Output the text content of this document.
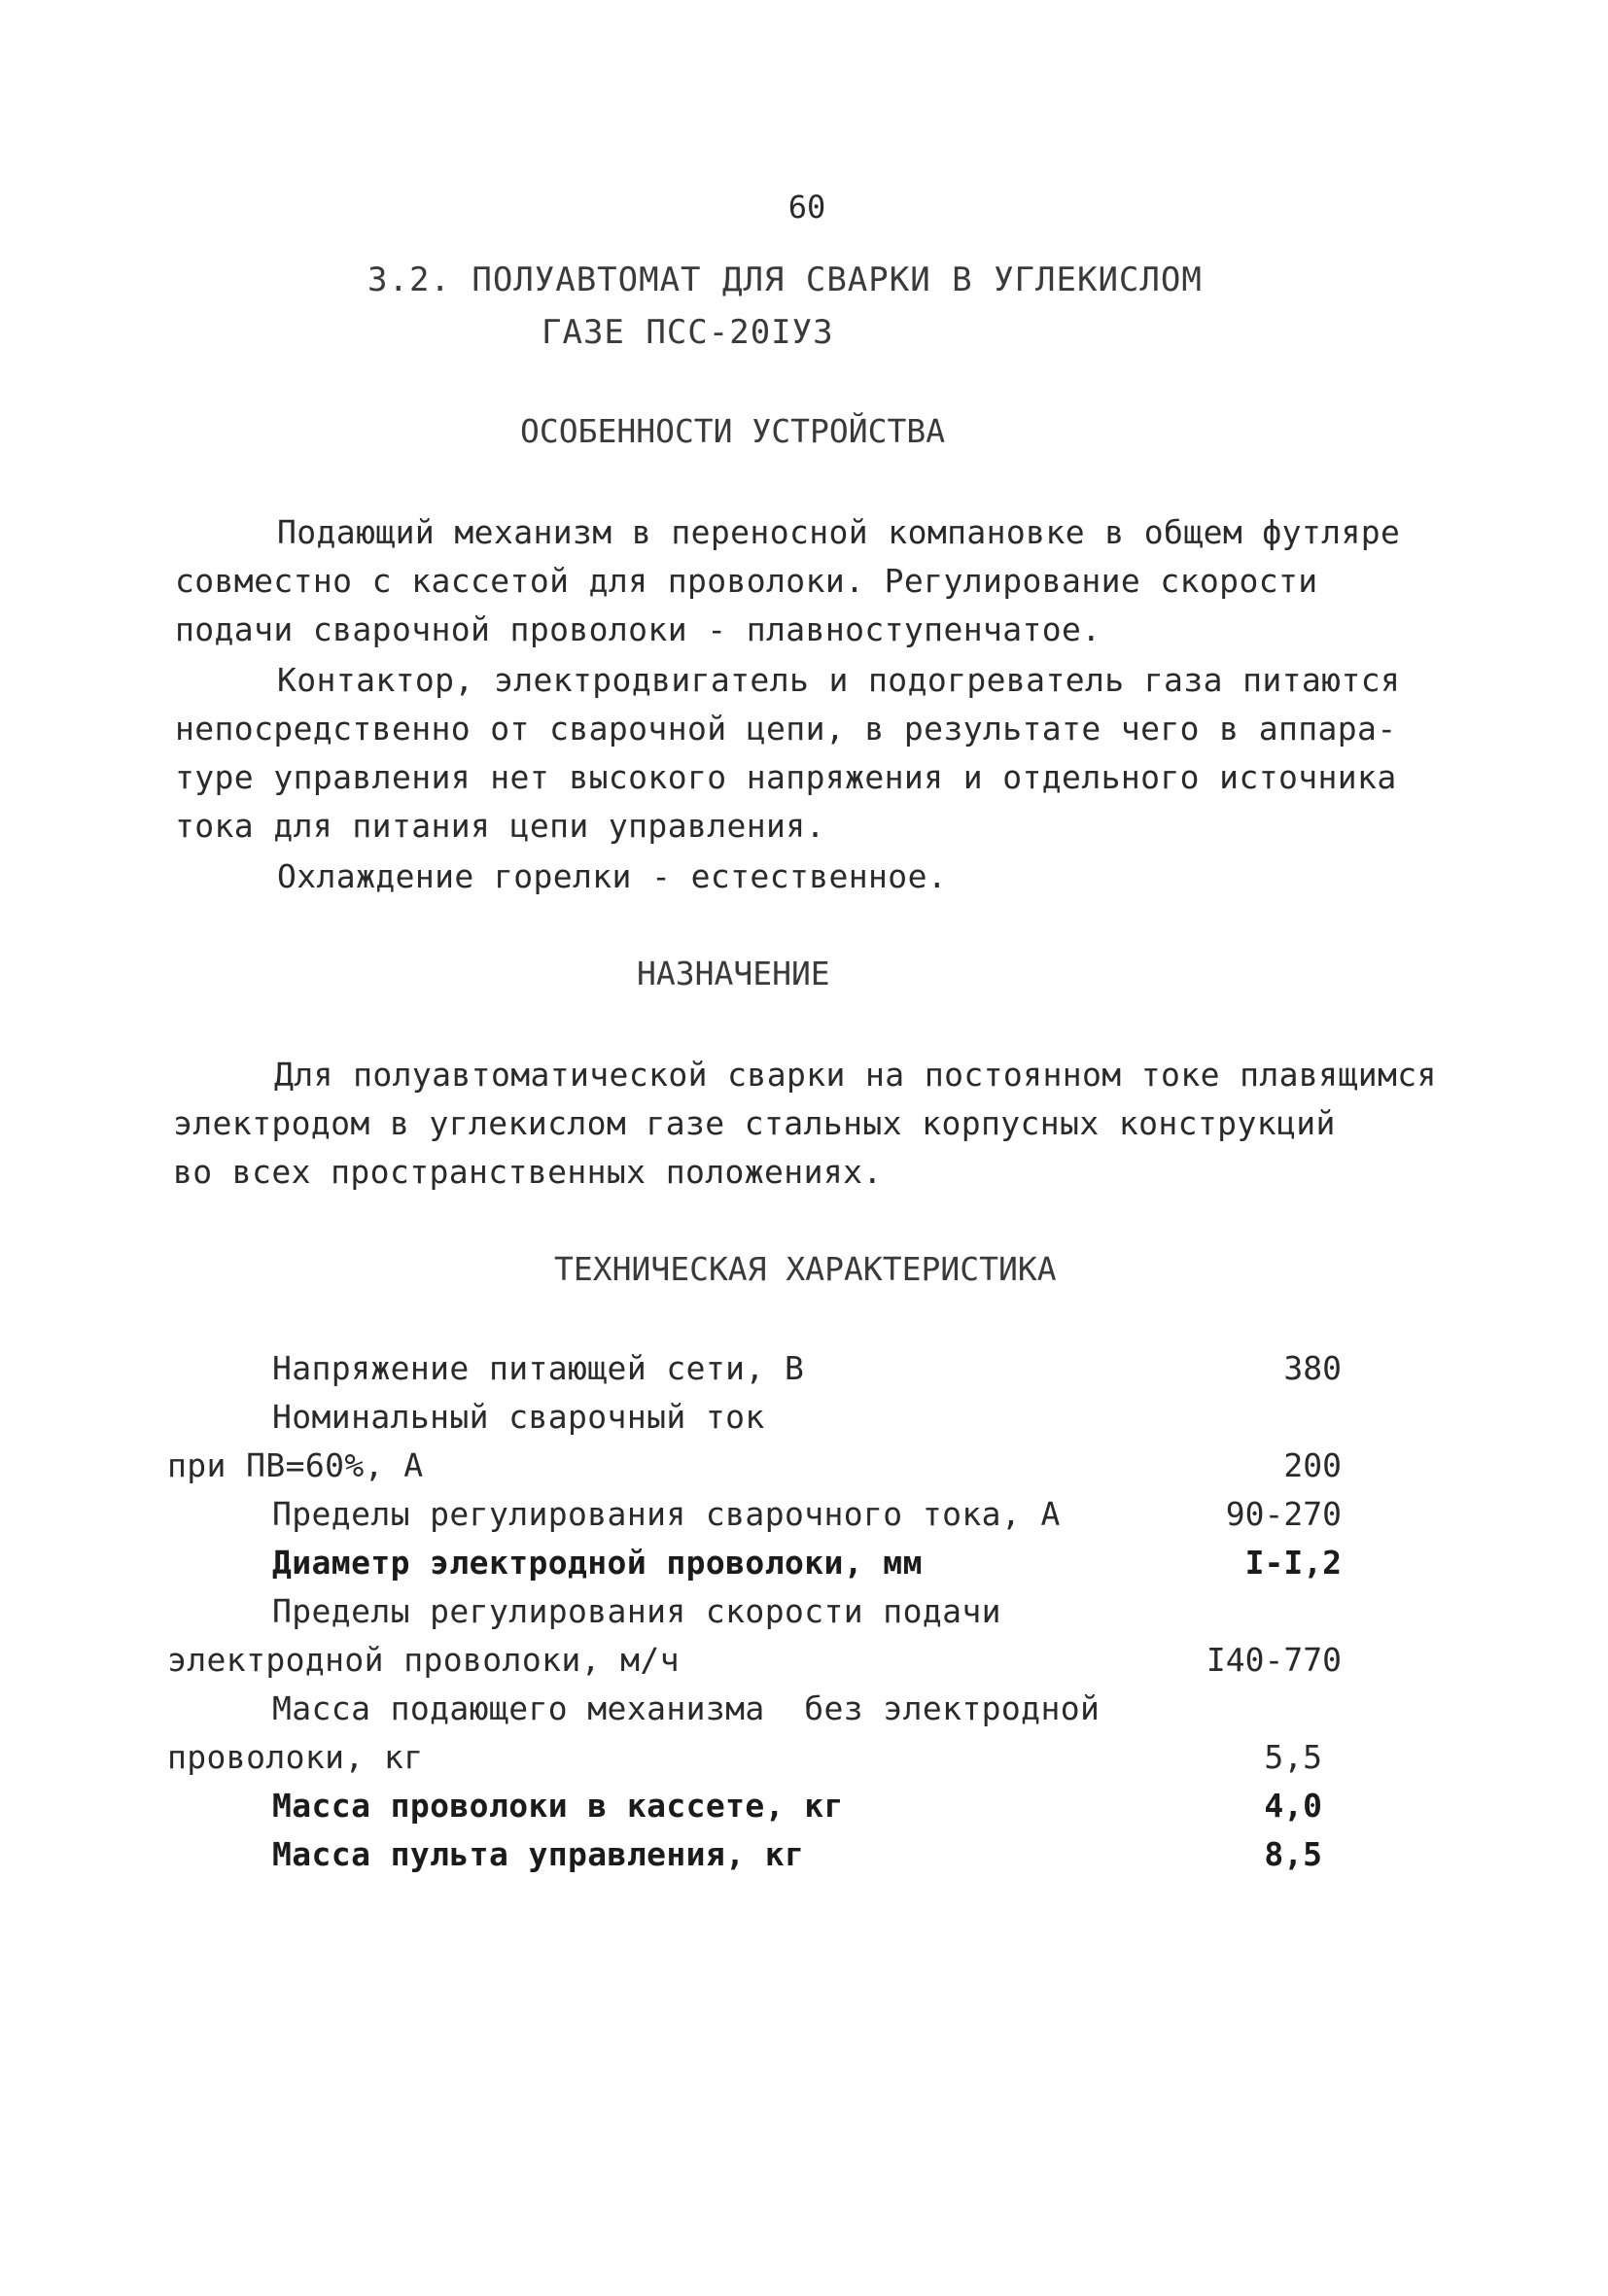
60
3.2. ПОЛУАВТОМАТ ДЛЯ СВАРКИ В УГЛЕКИСЛОМ
ГАЗЕ ПСС-20IУ3
ОСОБЕННОСТИ УСТРОЙСТВА
Подающий механизм в переносной компановке в общем футляре
совместно с кассетой для проволоки. Регулирование скорости
подачи сварочной проволоки - плавноступенчатое.
Контактор, электродвигатель и подогреватель газа питаются
непосредственно от сварочной цепи, в результате чего в аппара-
туре управления нет высокого напряжения и отдельного источника
тока для питания цепи управления.
Охлаждение горелки - естественное.
НАЗНАЧЕНИЕ
Для полуавтоматической сварки на постоянном токе плавящимся
электродом в углекислом газе стальных корпусных конструкций
во всех пространственных положениях.
ТЕХНИЧЕСКАЯ ХАРАКТЕРИСТИКА
Напряжение питающей сети, В	380
Номинальный сварочный ток
при ПВ=60%, А	200
Пределы регулирования сварочного тока, А	90-270
Диаметр электродной проволоки, мм	I-I,2
Пределы регулирования скорости подачи
электродной проволоки, м/ч	I40-770
Масса подающего механизма  без электродной
проволоки, кг	5,5
Масса проволоки в кассете, кг	4,0
Масса пульта управления, кг	8,5
